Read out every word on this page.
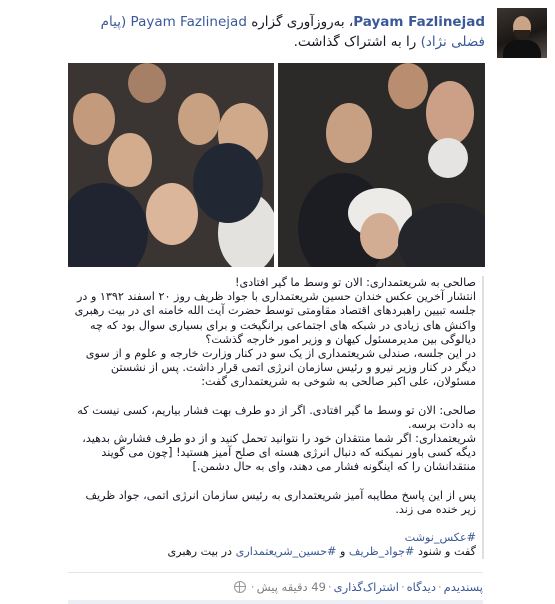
Payam Fazlinejad، به‌روزآوری گزاره Payam Fazlinejad (پیام فضلی نژاد) را به اشتراک گذاشت.

صالحی به شریعتمداری: الان تو وسط ما گیر افتادی!

انتشار آخرین عکس خندان حسین شریعتمداری با جواد ظریف روز ۲۰ اسفند ۱۳۹۲ و در جلسه تبیین راهبردهای اقتصاد مقاومتی توسط حضرت آیت الله خامنه ای در بیت رهبری واکنش های زیادی در شبکه های اجتماعی برانگیخت و برای بسیاری سوال بود که چه دیالوگی بین مدیرمسئول کیهان و وزیر امور خارجه گذشت؟

در این جلسه، صندلی شریعتمداری از یک سو در کنار وزارت خارجه و علوم و از سوی دیگر در کنار وزیر نیرو و رئیس سازمان انرژی اتمی قرار داشت. پس از نشستن مسئولان، علی اکبر صالحی به شوخی به شریعتمداری گفت:

صالحی: الان تو وسط ما گیر افتادی. اگر از دو طرف بهت فشار بیاریم، کسی نیست که به دادت برسه.

شریعتمداری: اگر شما منتقدان خود را نتوانید تحمل کنید و از دو طرف فشارش بدهید، دیگه کسی باور نمیکنه که دنبال انرژی هسته ای صلح آمیز هستید! [چون می گویند منتقدانشان را که اینگونه فشار می دهند، وای به حال دشمن.]

پس از این پاسخ مطایبه آمیز شریعتمداری به رئیس سازمان انرژی اتمی، جواد ظریف زیر خنده می زند.

#عکس_نوشت

گفت و شنود #جواد_ظریف و #حسین_شریعتمداری در بیت رهبری

پسندیدم·دیدگاه·اشتراک‌گذاری·49 دقیقه پیش·
